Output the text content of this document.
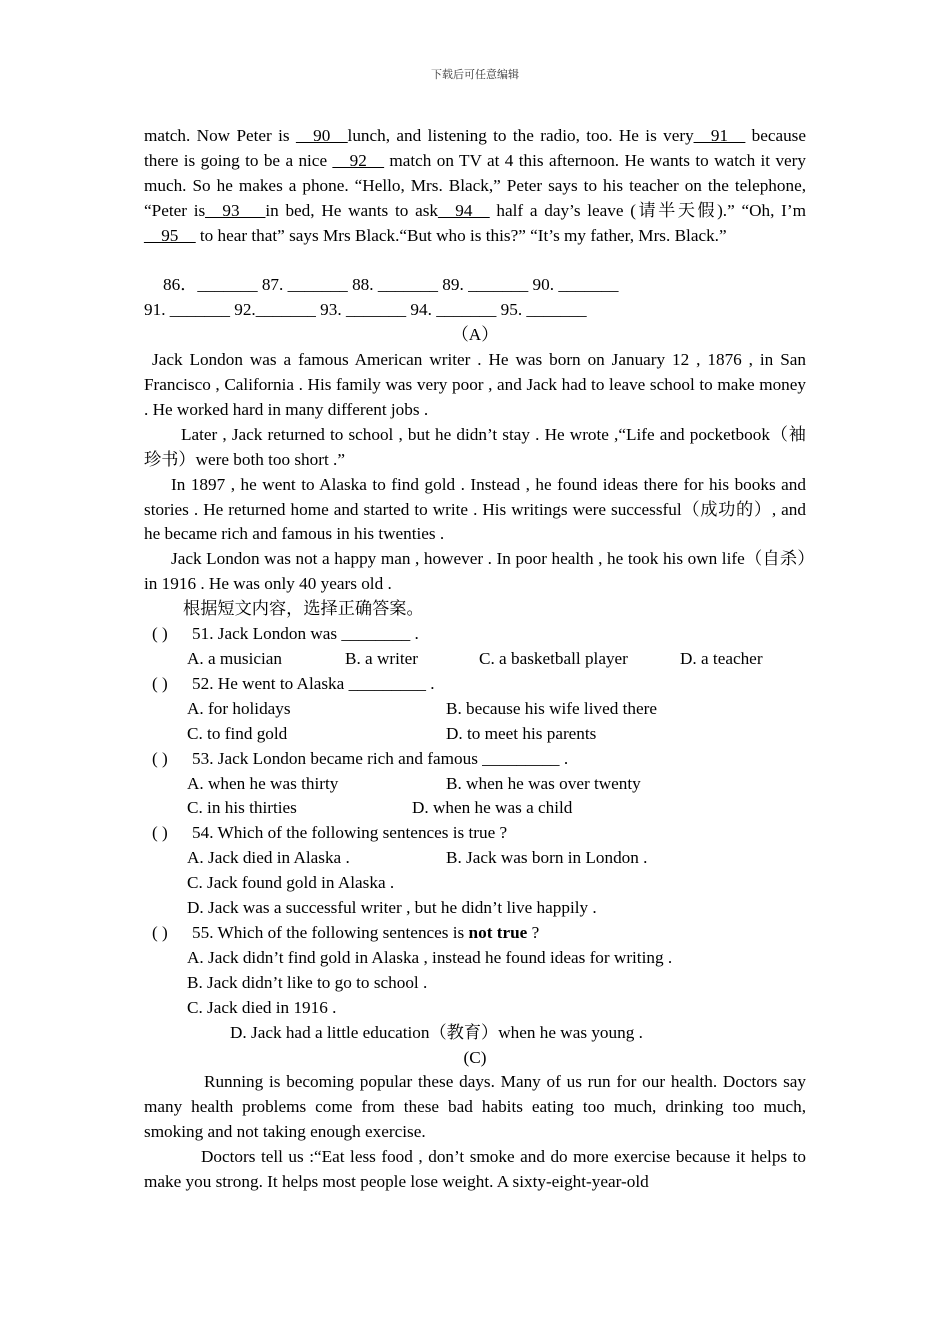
下载后可任意编辑

match. Now Peter is __90__lunch, and listening to the radio, too. He is very__91__ because there is going to be a nice __92__ match on TV at 4 this afternoon. He wants to watch it very much. So he makes a phone. “Hello, Mrs. Black,” Peter says to his teacher on the telephone, “Peter is__93___in bed, He wants to ask__94__ half a day’s leave (请半天假).” “Oh, I’m __95__ to hear that” says Mrs Black.“But who is this?” “It’s my father, Mrs. Black.”

86．_______ 87. _______ 88. _______ 89. _______ 90. _______

91. _______ 92._______ 93. _______ 94. _______ 95. _______

（A）

Jack London was a famous American writer . He was born on January 12 , 1876 , in San Francisco , California . His family was very poor , and Jack had to leave school to make money . He worked hard in many different jobs .

Later , Jack returned to school , but he didn’t stay . He wrote ,“Life and pocketbook（袖珍书）were both too short .”

In 1897 , he went to Alaska to find gold . Instead , he found ideas there for his books and stories . He returned home and started to write . His writings were successful（成功的）, and he became rich and famous in his twenties .

Jack London was not a happy man , however . In poor health , he took his own life（自杀）in 1916 . He was only 40 years old .

根据短文内容，选择正确答案。

( ) 51. Jack London was ________ .

A. a musician	B. a writer	C. a basketball player	D. a teacher

( ) 52. He went to Alaska _________ .

A. for holidays	B. because his wife lived there

C. to find gold	D. to meet his parents

( ) 53. Jack London became rich and famous _________ .

A. when he was thirty	B. when he was over twenty

C. in his thirties	D. when he was a child

( ) 54. Which of the following sentences is true ?

A. Jack died in Alaska .	B. Jack was born in London .

C. Jack found gold in Alaska .

D. Jack was a successful writer , but he didn’t live happily .

( ) 55. Which of the following sentences is not true ?

A. Jack didn’t find gold in Alaska , instead he found ideas for writing .

B. Jack didn’t like to go to school .

C. Jack died in 1916 .

D. Jack had a little education（教育）when he was young .

(C)

Running is becoming popular these days. Many of us run for our health. Doctors say many health problems come from these bad habits eating too much, drinking too much, smoking and not taking enough exercise.

Doctors tell us :“Eat less food , don’t smoke and do more exercise because it helps to make you strong. It helps most people lose weight. A sixty-eight-year-old
